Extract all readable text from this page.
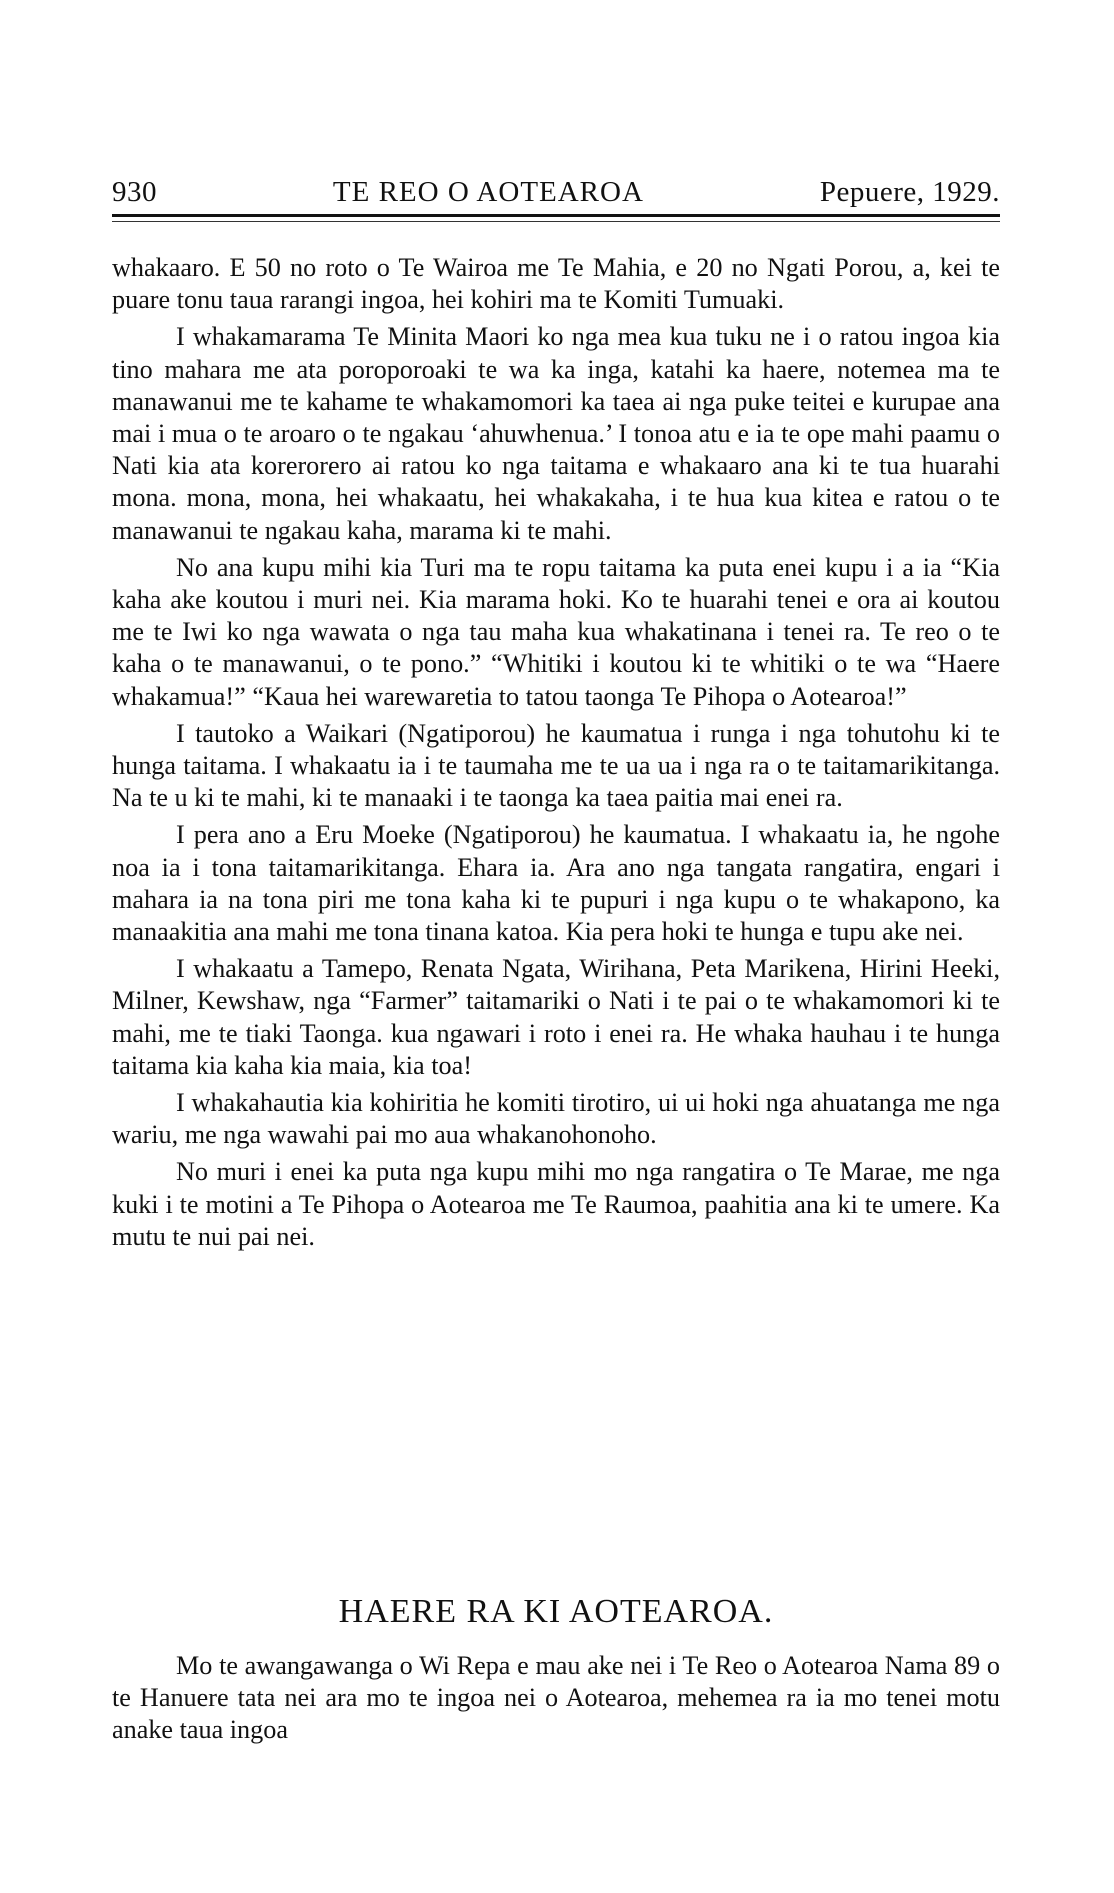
930	TE REO O AOTEAROA	Pepuere, 1929.

whakaaro. E 50 no roto o Te Wairoa me Te Mahia, e 20 no Ngati Porou, a, kei te puare tonu taua rarangi ingoa, hei kohiri ma te Komiti Tumuaki.

I whakamarama Te Minita Maori ko nga mea kua tuku ne i o ratou ingoa kia tino mahara me ata poroporoaki te wa ka inga, katahi ka haere, notemea ma te manawanui me te kahame te whakamomori ka taea ai nga puke teitei e kurupae ana mai i mua o te aroaro o te ngakau ‘ahuwhenua.’ I tonoa atu e ia te ope mahi paamu o Nati kia ata korerorero ai ratou ko nga taitama e whakaaro ana ki te tua huarahi mona. mona, mona, hei whakaatu, hei whakakaha, i te hua kua kitea e ratou o te manawanui te ngakau kaha, marama ki te mahi.

No ana kupu mihi kia Turi ma te ropu taitama ka puta enei kupu i a ia “Kia kaha ake koutou i muri nei. Kia marama hoki. Ko te huarahi tenei e ora ai koutou me te Iwi ko nga wawata o nga tau maha kua whakatinana i tenei ra. Te reo o te kaha o te manawanui, o te pono.” “Whitiki i koutou ki te whitiki o te wa “Haere whakamua!” “Kaua hei warewaretia to tatou taonga Te Pihopa o Aotearoa!”

I tautoko a Waikari (Ngatiporou) he kaumatua i runga i nga tohutohu ki te hunga taitama. I whakaatu ia i te taumaha me te ua ua i nga ra o te taitamarikitanga. Na te u ki te mahi, ki te manaaki i te taonga ka taea paitia mai enei ra.

I pera ano a Eru Moeke (Ngatiporou) he kaumatua. I whakaatu ia, he ngohe noa ia i tona taitamarikitanga. Ehara ia. Ara ano nga tangata rangatira, engari i mahara ia na tona piri me tona kaha ki te pupuri i nga kupu o te whakapono, ka manaakitia ana mahi me tona tinana katoa. Kia pera hoki te hunga e tupu ake nei.

I whakaatu a Tamepo, Renata Ngata, Wirihana, Peta Marikena, Hirini Heeki, Milner, Kewshaw, nga “Farmer” taitamariki o Nati i te pai o te whakamomori ki te mahi, me te tiaki Taonga. kua ngawari i roto i enei ra. He whaka hauhau i te hunga taitama kia kaha kia maia, kia toa!

I whakahautia kia kohiritia he komiti tirotiro, ui ui hoki nga ahuatanga me nga wariu, me nga wawahi pai mo aua whakanohonoho.

No muri i enei ka puta nga kupu mihi mo nga rangatira o Te Marae, me nga kuki i te motini a Te Pihopa o Aotearoa me Te Raumoa, paahitia ana ki te umere. Ka mutu te nui pai nei.

HAERE RA KI AOTEAROA.

Mo te awangawanga o Wi Repa e mau ake nei i Te Reo o Aotearoa Nama 89 o te Hanuere tata nei ara mo te ingoa nei o Aotearoa, mehemea ra ia mo tenei motu anake taua ingoa
